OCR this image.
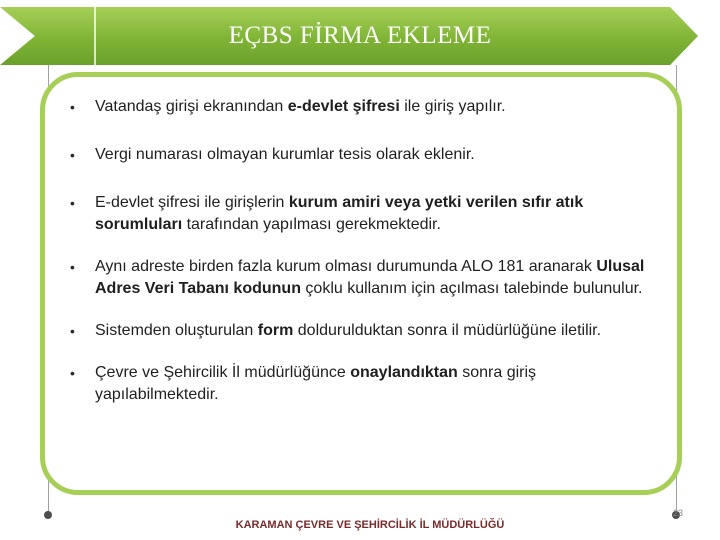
EÇBS FİRMA EKLEME
• Vatandaş girişi ekranından e-devlet şifresi ile giriş yapılır.
• Vergi numarası olmayan kurumlar tesis olarak eklenir.
• E-devlet şifresi ile girişlerin kurum amiri veya yetki verilen sıfır atık sorumluları tarafından yapılması gerekmektedir.
• Aynı adreste birden fazla kurum olması durumunda ALO 181 aranarak Ulusal Adres Veri Tabanı kodunun çoklu kullanım için açılması talebinde bulunulur.
• Sistemden oluşturulan form doldurulduktan sonra il müdürlüğüne iletilir.
• Çevre ve Şehircilik İl müdürlüğünce onaylandıktan sonra giriş yapılabilmektedir.
KARAMAN ÇEVRE VE ŞEHİRCİLİK İL MÜDÜRLÜĞÜ
23
